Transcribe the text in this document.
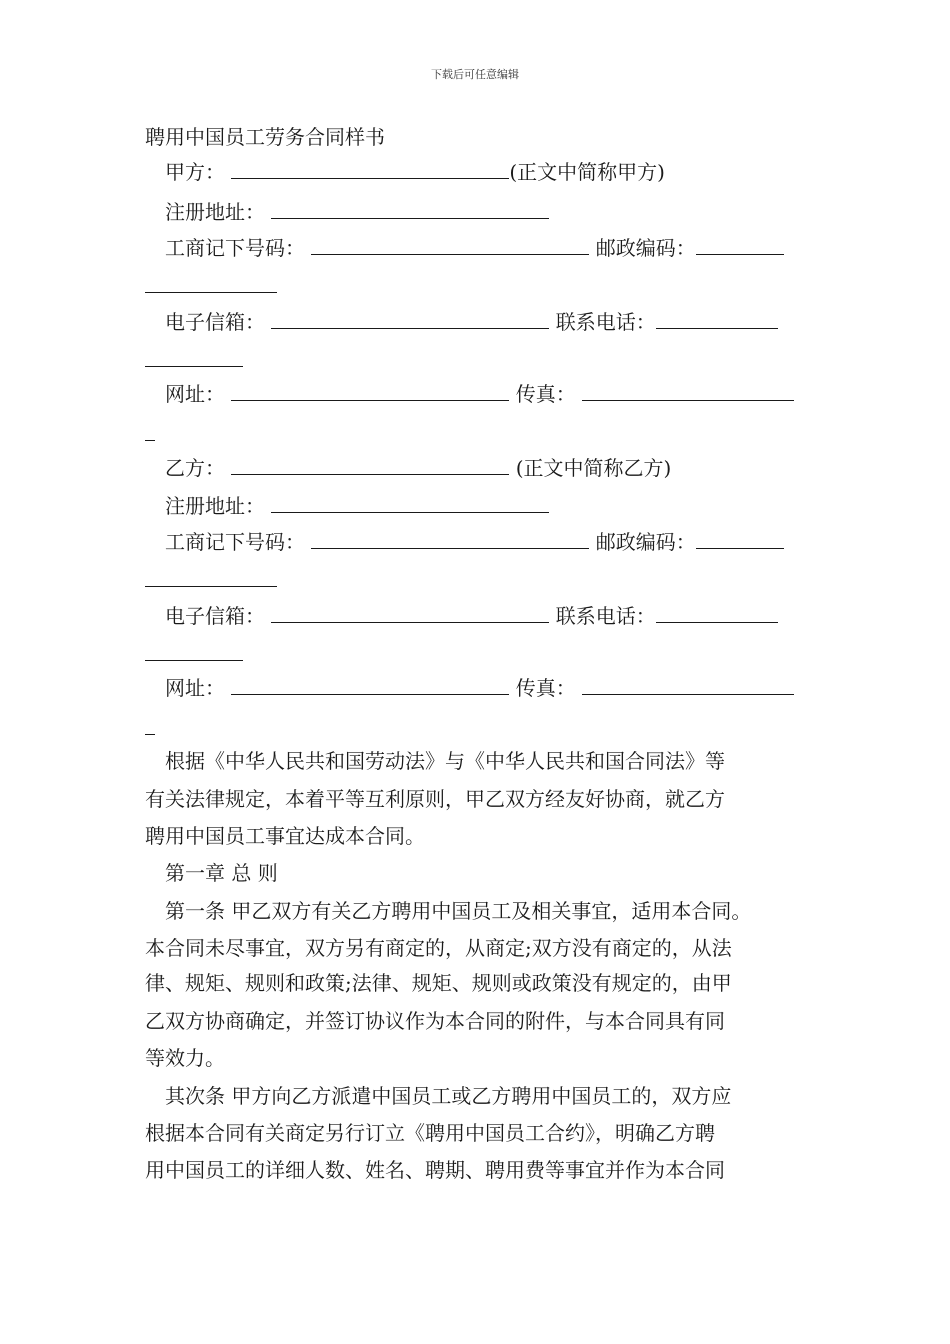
下载后可任意编辑
聘用中国员工劳务合同样书
甲方：	(正文中简称甲方)
注册地址：
工商记下号码：	邮政编码：
电子信箱：	联系电话：
网址：	传真：
乙方：	(正文中简称乙方)
注册地址：
工商记下号码：	邮政编码：
电子信箱：	联系电话：
网址：	传真：
根据《中华人民共和国劳动法》与《中华人民共和国合同法》等
有关法律规定，本着平等互利原则，甲乙双方经友好协商，就乙方
聘用中国员工事宜达成本合同。
第一章 总 则
第一条 甲乙双方有关乙方聘用中国员工及相关事宜，适用本合同。
本合同未尽事宜，双方另有商定的，从商定;双方没有商定的，从法
律、规矩、规则和政策;法律、规矩、规则或政策没有规定的，由甲
乙双方协商确定，并签订协议作为本合同的附件，与本合同具有同
等效力。
其次条 甲方向乙方派遣中国员工或乙方聘用中国员工的，双方应
根据本合同有关商定另行订立《聘用中国员工合约》，明确乙方聘
用中国员工的详细人数、姓名、聘期、聘用费等事宜并作为本合同
